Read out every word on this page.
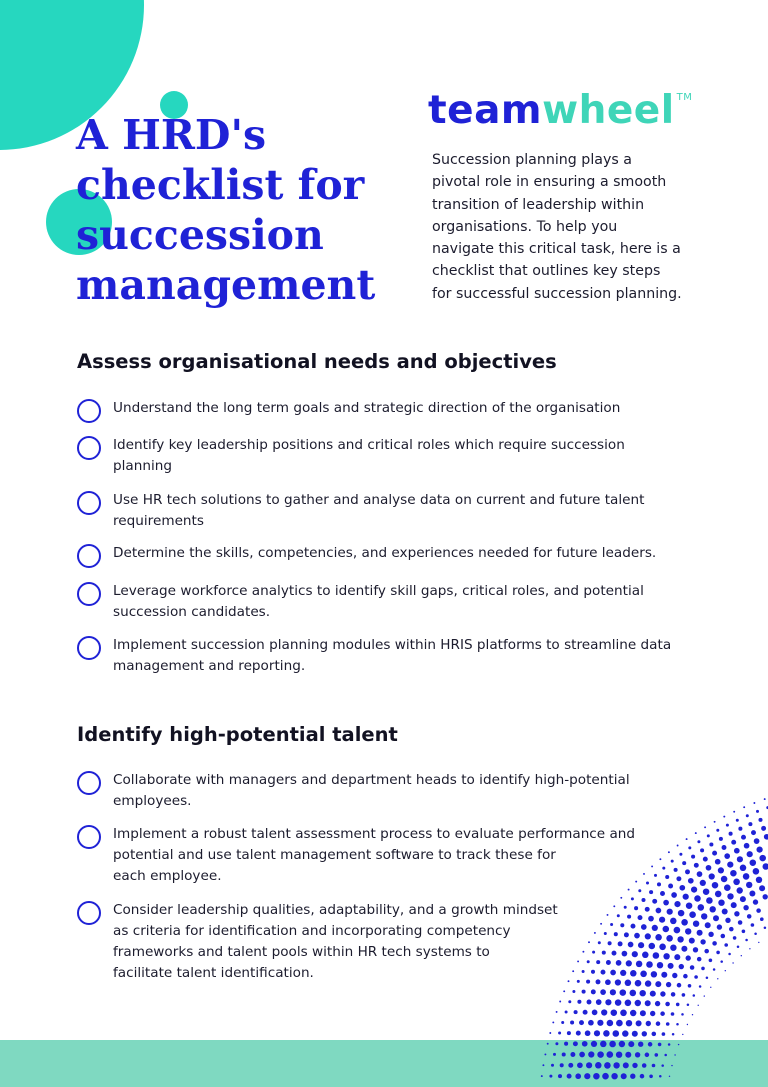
A HRD's
checklist for
succession
management
teamwheel ™

Succession planning plays a
pivotal role in ensuring a smooth
transition of leadership within
organisations. To help you
navigate this critical task, here is a
checklist that outlines key steps
for successful succession planning.

Assess organisational needs and objectives
Understand the long term goals and strategic direction of the organisation
Identify key leadership positions and critical roles which require succession
planning
Use HR tech solutions to gather and analyse data on current and future talent
requirements
Determine the skills, competencies, and experiences needed for future leaders.
Leverage workforce analytics to identify skill gaps, critical roles, and potential
succession candidates.
Implement succession planning modules within HRIS platforms to streamline data
management and reporting.
Identify high-potential talent
Collaborate with managers and department heads to identify high-potential
employees.
Implement a robust talent assessment process to evaluate performance and
potential and use talent management software to track these for
each employee.
Consider leadership qualities, adaptability, and a growth mindset
as criteria for identification and incorporating competency
frameworks and talent pools within HR tech systems to
facilitate talent identification.
